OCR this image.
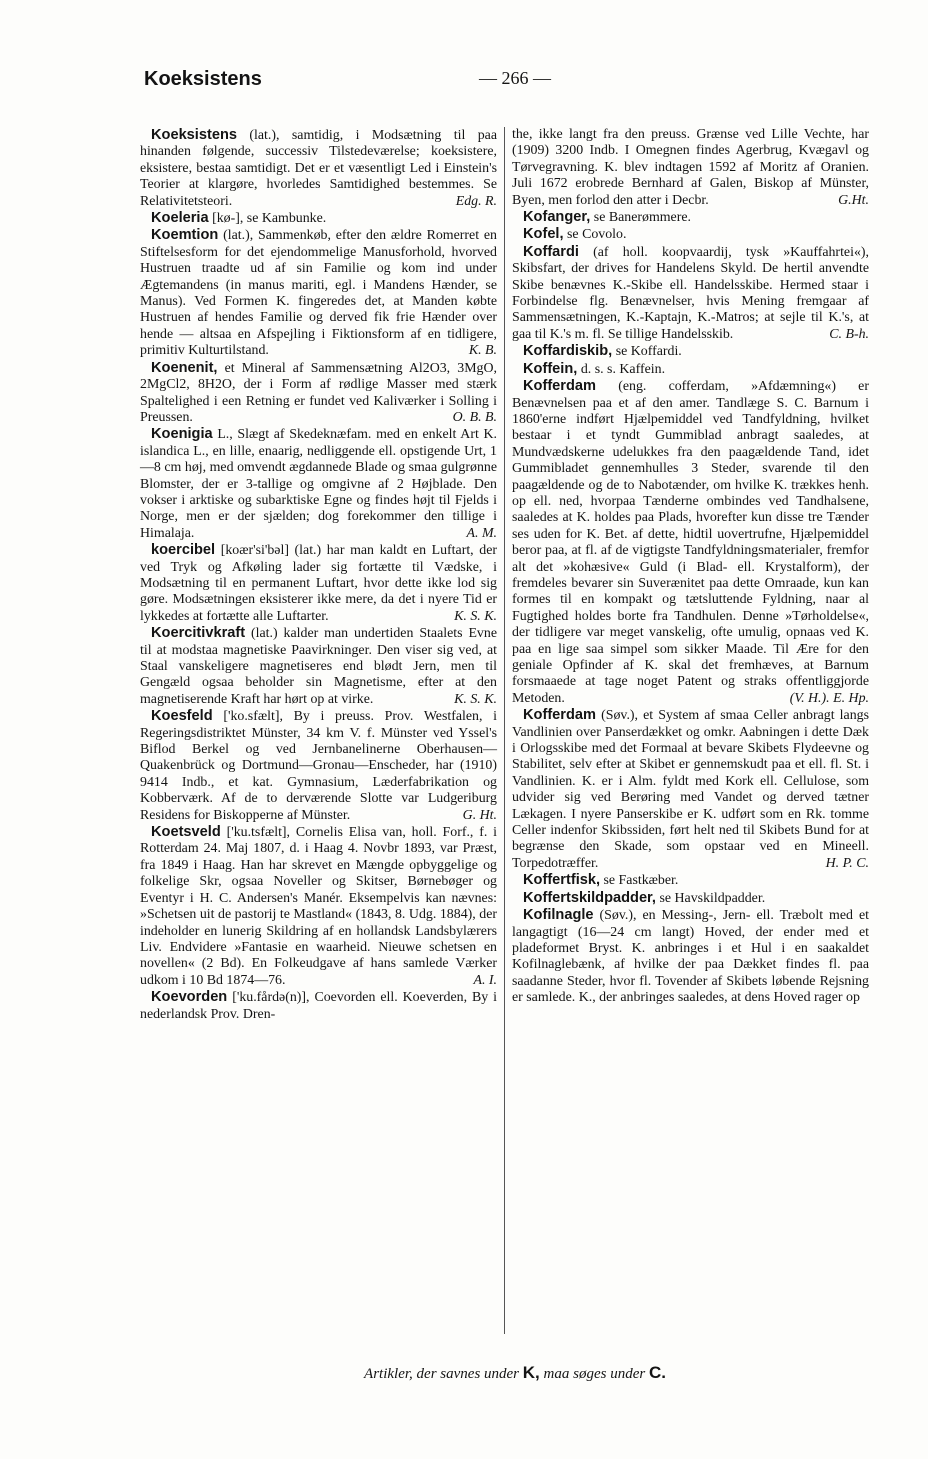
Koeksistens	— 266 —

Koeksistens (lat.), samtidig, i Modsætning til paa hinanden følgende, successiv Tilstedeværelse; koeksistere, eksistere, bestaa samtidigt. Det er et væsentligt Led i Einstein's Teorier at klargøre, hvorledes Samtidighed bestemmes. Se Relativitetsteori.	Edg. R.

Koeleria [kø-], se Kambunke.

Koemtion (lat.), Sammenkøb, efter den ældre Romerret en Stiftelsesform for det ejendommelige Manusforhold, hvorved Hustruen traadte ud af sin Familie og kom ind under Ægtemandens (in manus mariti, egl. i Mandens Hænder, se Manus). Ved Formen K. fingeredes det, at Manden købte Hustruen af hendes Familie og derved fik frie Hænder over hende — altsaa en Afspejling i Fiktionsform af en tidligere, primitiv Kulturtilstand.	K. B.

Koenenit, et Mineral af Sammensætning Al2O3, 3MgO, 2MgCl2, 8H2O, der i Form af rødlige Masser med stærk Spaltelighed i een Retning er fundet ved Kaliværker i Solling i Preussen.	O. B. B.

Koenigia L., Slægt af Skedeknæfam. med en enkelt Art K. islandica L., en lille, enaarig, nedliggende ell. opstigende Urt, 1—8 cm høj, med omvendt ægdannede Blade og smaa gulgrønne Blomster, der er 3-tallige og omgivne af 2 Højblade. Den vokser i arktiske og subarktiske Egne og findes højt til Fjelds i Norge, men er der sjælden; dog forekommer den tillige i Himalaja.	A. M.

koercibel [koær'si'bəl] (lat.) har man kaldt en Luftart, der ved Tryk og Afkøling lader sig fortætte til Vædske, i Modsætning til en permanent Luftart, hvor dette ikke lod sig gøre. Modsætningen eksisterer ikke mere, da det i nyere Tid er lykkedes at fortætte alle Luftarter.	K. S. K.

Koercitivkraft (lat.) kalder man undertiden Staalets Evne til at modstaa magnetiske Paavirkninger. Den viser sig ved, at Staal vanskeligere magnetiseres end blødt Jern, men til Gengæld ogsaa beholder sin Magnetisme, efter at den magnetiserende Kraft har hørt op at virke.	K. S. K.

Koesfeld ['ko.sfælt], By i preuss. Prov. Westfalen, i Regeringsdistriktet Münster, 34 km V. f. Münster ved Yssel's Biflod Berkel og ved Jernbanelinerne Oberhausen—Quakenbrück og Dortmund—Gronau—Enscheder, har (1910) 9414 Indb., et kat. Gymnasium, Læderfabrikation og Kobberværk. Af de to derværende Slotte var Ludgeriburg Residens for Biskopperne af Münster.	G. Ht.

Koetsveld ['ku.tsfælt], Cornelis Elisa van, holl. Forf., f. i Rotterdam 24. Maj 1807, d. i Haag 4. Novbr 1893, var Præst, fra 1849 i Haag. Han har skrevet en Mængde opbyggelige og folkelige Skr, ogsaa Noveller og Skitser, Børnebøger og Eventyr i H. C. Andersen's Manér. Eksempelvis kan nævnes: »Schetsen uit de pastorij te Mastland« (1843, 8. Udg. 1884), der indeholder en lunerig Skildring af en hollandsk Landsbylærers Liv. Endvidere »Fantasie en waarheid. Nieuwe schetsen en novellen« (2 Bd). En Folkeudgave af hans samlede Værker udkom i 10 Bd 1874—76.	A. I.

Koevorden ['ku.fårdə(n)], Coevorden ell. Koeverden, By i nederlandsk Prov. Dren-

the, ikke langt fra den preuss. Grænse ved Lille Vechte, har (1909) 3200 Indb. I Omegnen findes Agerbrug, Kvægavl og Tørvegravning. K. blev indtagen 1592 af Moritz af Oranien. Juli 1672 erobrede Bernhard af Galen, Biskop af Münster, Byen, men forlod den atter i Decbr.	G.Ht.

Kofanger, se Banerømmere.

Kofel, se Covolo.

Koffardi (af holl. koopvaardij, tysk »Kauffahrtei«), Skibsfart, der drives for Handelens Skyld. De hertil anvendte Skibe benævnes K.-Skibe ell. Handelsskibe. Hermed staar i Forbindelse flg. Benævnelser, hvis Mening fremgaar af Sammensætningen, K.-Kaptajn, K.-Matros; at sejle til K.'s, at gaa til K.'s m. fl. Se tillige Handelsskib.	C. B-h.

Koffardiskib, se Koffardi.

Koffein, d. s. s. Kaffein.

Kofferdam (eng. cofferdam, »Afdæmning«) er Benævnelsen paa et af den amer. Tandlæge S. C. Barnum i 1860'erne indført Hjælpemiddel ved Tandfyldning, hvilket bestaar i et tyndt Gummiblad anbragt saaledes, at Mundvædskerne udelukkes fra den paagældende Tand, idet Gummibladet gennemhulles 3 Steder, svarende til den paagældende og de to Nabotænder, om hvilke K. trækkes henh. op ell. ned, hvorpaa Tænderne ombindes ved Tandhalsene, saaledes at K. holdes paa Plads, hvorefter kun disse tre Tænder ses uden for K. Bet. af dette, hidtil uovertrufne, Hjælpemiddel beror paa, at fl. af de vigtigste Tandfyldningsmaterialer, fremfor alt det »kohæsive« Guld (i Blad- ell. Krystalform), der fremdeles bevarer sin Suverænitet paa dette Omraade, kun kan formes til en kompakt og tætsluttende Fyldning, naar al Fugtighed holdes borte fra Tandhulen. Denne »Tørholdelse«, der tidligere var meget vanskelig, ofte umulig, opnaas ved K. paa en lige saa simpel som sikker Maade. Til Ære for den geniale Opfinder af K. skal det fremhæves, at Barnum forsmaaede at tage noget Patent og straks offentliggjorde Metoden.	(V. H.). E. Hp.

Kofferdam (Søv.), et System af smaa Celler anbragt langs Vandlinien over Panserdækket og omkr. Aabningen i dette Dæk i Orlogsskibe med det Formaal at bevare Skibets Flydeevne og Stabilitet, selv efter at Skibet er gennemskudt paa et ell. fl. St. i Vandlinien. K. er i Alm. fyldt med Kork ell. Cellulose, som udvider sig ved Berøring med Vandet og derved tætner Lækagen. I nyere Panserskibe er K. udført som en Rk. tomme Celler indenfor Skibssiden, ført helt ned til Skibets Bund for at begrænse den Skade, som opstaar ved en Mineell. Torpedotræffer.	H. P. C.

Koffertfisk, se Fastkæber.

Koffertskildpadder, se Havskildpadder.

Kofilnagle (Søv.), en Messing-, Jern- ell. Træbolt med et langagtigt (16—24 cm langt) Hoved, der ender med et pladeformet Bryst. K. anbringes i et Hul i en saakaldet Kofilnaglebænk, af hvilke der paa Dækket findes fl. paa saadanne Steder, hvor fl. Tovender af Skibets løbende Rejsning er samlede. K., der anbringes saaledes, at dens Hoved rager op

Artikler, der savnes under K, maa søges under C.
